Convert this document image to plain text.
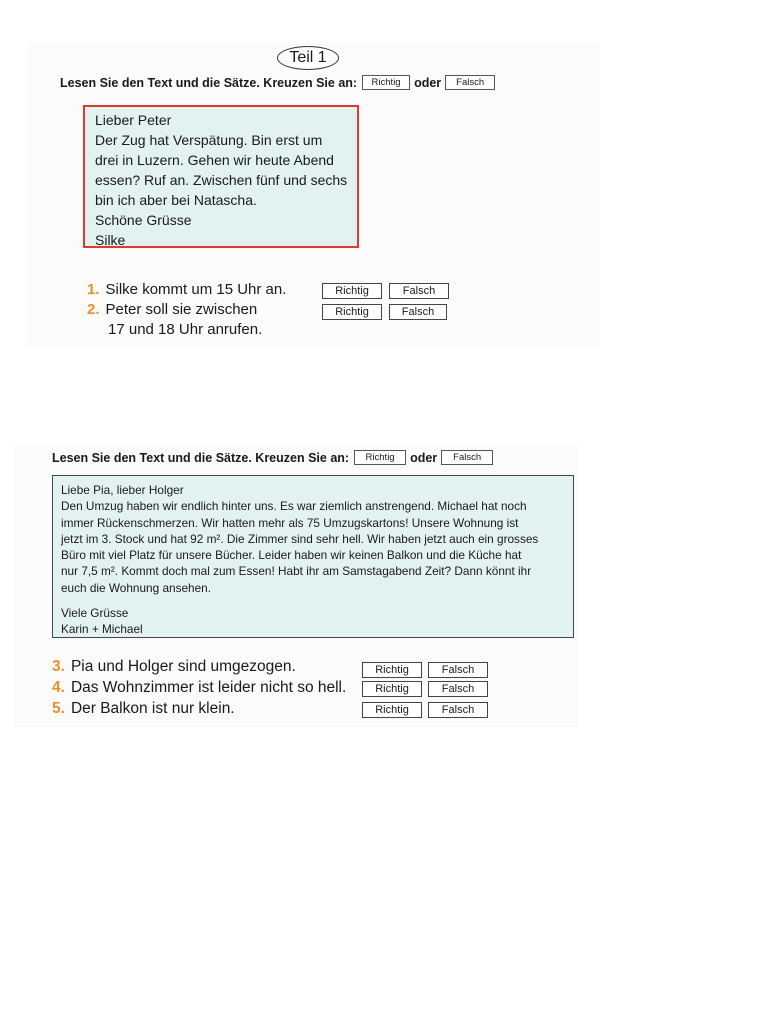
Teil 1
Lesen Sie den Text und die Sätze. Kreuzen Sie an:	Richtig	oder	Falsch
Lieber Peter
Der Zug hat Verspätung. Bin erst um
drei in Luzern. Gehen wir heute Abend
essen? Ruf an. Zwischen fünf und sechs
bin ich aber bei Natascha.
Schöne Grüsse
Silke
1. Silke kommt um 15 Uhr an.	Richtig	Falsch
2. Peter soll sie zwischen
17 und 18 Uhr anrufen.
Richtig	Falsch
Lesen Sie den Text und die Sätze. Kreuzen Sie an:	Richtig	oder	Falsch
Liebe Pia, lieber Holger
Den Umzug haben wir endlich hinter uns. Es war ziemlich anstrengend. Michael hat noch
immer Rückenschmerzen. Wir hatten mehr als 75 Umzugskartons! Unsere Wohnung ist
jetzt im 3. Stock und hat 92 m². Die Zimmer sind sehr hell. Wir haben jetzt auch ein grosses
Büro mit viel Platz für unsere Bücher. Leider haben wir keinen Balkon und die Küche hat
nur 7,5 m². Kommt doch mal zum Essen! Habt ihr am Samstagabend Zeit? Dann könnt ihr
euch die Wohnung ansehen.
Viele Grüsse
Karin + Michael
3. Pia und Holger sind umgezogen.	Richtig	Falsch
4. Das Wohnzimmer ist leider nicht so hell.	Richtig	Falsch
5. Der Balkon ist nur klein.	Richtig	Falsch
